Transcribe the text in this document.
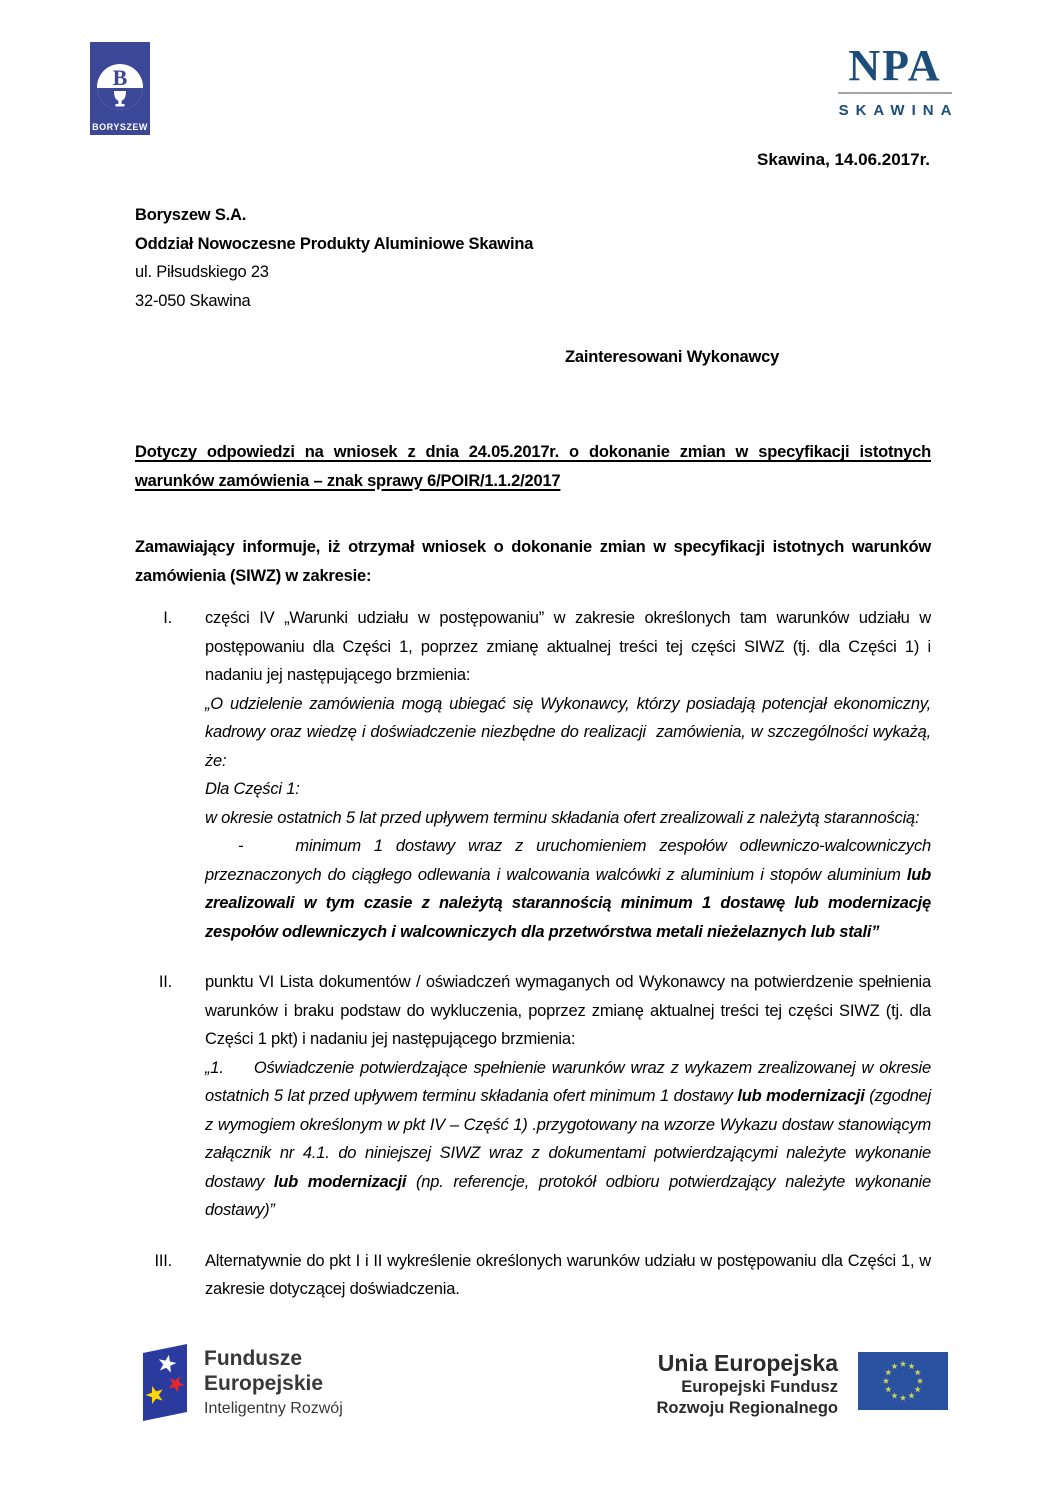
B
BORYSZEW
NPA
SKAWINA
Skawina, 14.06.2017r.
Boryszew S.A.
Oddział Nowoczesne Produkty Aluminiowe Skawina
ul. Piłsudskiego 23
32-050 Skawina
Zainteresowani Wykonawcy
Dotyczy odpowiedzi na wniosek z dnia 24.05.2017r. o dokonanie zmian w specyfikacji istotnych warunków zamówienia – znak sprawy 6/POIR/1.1.2/2017
Zamawiający informuje, iż otrzymał wniosek o dokonanie zmian w specyfikacji istotnych warunków zamówienia (SIWZ) w zakresie:
I. części IV „Warunki udziału w postępowaniu” w zakresie określonych tam warunków udziału w postępowaniu dla Części 1, poprzez zmianę aktualnej treści tej części SIWZ (tj. dla Części 1) i nadaniu jej następującego brzmienia:

„O udzielenie zamówienia mogą ubiegać się Wykonawcy, którzy posiadają potencjał ekonomiczny, kadrowy oraz wiedzę i doświadczenie niezbędne do realizacji  zamówienia, w szczególności wykażą, że:

Dla Części 1:

w okresie ostatnich 5 lat przed upływem terminu składania ofert zrealizowali z należytą starannością:

-    minimum 1 dostawy wraz z uruchomieniem zespołów odlewniczo-walcowniczych przeznaczonych do ciągłego odlewania i walcowania walcówki z aluminium i stopów aluminium lub zrealizowali w tym czasie z należytą starannością minimum 1 dostawę lub modernizację zespołów odlewniczych i walcowniczych dla przetwórstwa metali nieżelaznych lub stali”

II. punktu VI Lista dokumentów / oświadczeń wymaganych od Wykonawcy na potwierdzenie spełnienia warunków i braku podstaw do wykluczenia, poprzez zmianę aktualnej treści tej części SIWZ (tj. dla Części 1 pkt) i nadaniu jej następującego brzmienia:

„1.     Oświadczenie potwierdzające spełnienie warunków wraz z wykazem zrealizowanej w okresie ostatnich 5 lat przed upływem terminu składania ofert minimum 1 dostawy lub modernizacji (zgodnej z wymogiem określonym w pkt IV – Część 1) .przygotowany na wzorze Wykazu dostaw stanowiącym załącznik nr 4.1. do niniejszej SIWZ wraz z dokumentami potwierdzającymi należyte wykonanie dostawy lub modernizacji (np. referencje, protokół odbioru potwierdzający należyte wykonanie dostawy)”

III. Alternatywnie do pkt I i II wykreślenie określonych warunków udziału w postępowaniu dla Części 1, w zakresie dotyczącej doświadczenia.

Fundusze
Europejskie
Inteligentny Rozwój
Unia Europejska
Europejski Fundusz
Rozwoju Regionalnego
